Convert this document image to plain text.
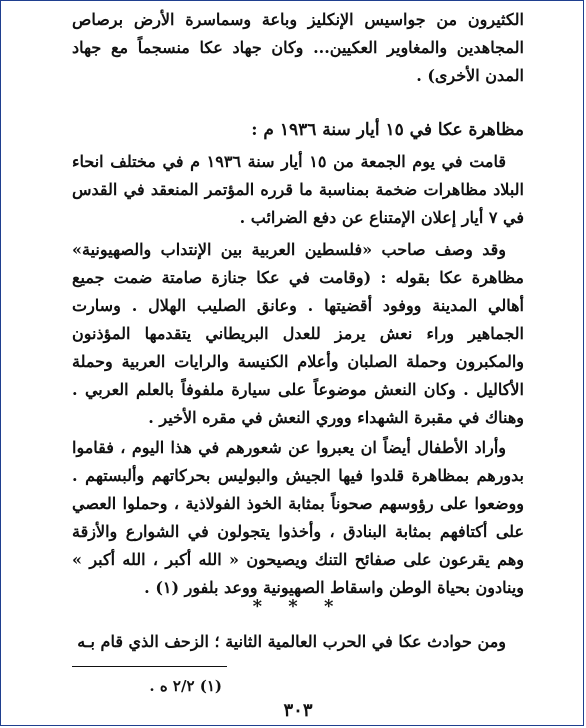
الكثيرون من جواسيس الإنكليز وباعة وسماسرة الأرض برصاص المجاهدين والمغاوير العكيين... وكان جهاد عكا منسجماً مع جهاد المدن الأخرى) .

مظاهرة عكا في ١٥ أيار سنة ١٩٣٦ م :

قامت في يوم الجمعة من ١٥ أيار سنة ١٩٣٦ م في مختلف انحاء البلاد مظاهرات ضخمة بمناسبة ما قرره المؤتمر المنعقد في القدس في ٧ أيار إعلان الإمتناع عن دفع الضرائب .

وقد وصف صاحب «فلسطين العربية بين الإنتداب والصهيونية» مظاهرة عكا بقوله : (وقامت في عكا جنازة صامتة ضمت جميع أهالي المدينة ووفود أقضيتها . وعانق الصليب الهلال . وسارت الجماهير وراء نعش يرمز للعدل البريطاني يتقدمها المؤذنون والمكبرون وحملة الصلبان وأعلام الكنيسة والرايات العربية وحملة الأكاليل . وكان النعش موضوعاً على سيارة ملفوفاً بالعلم العربي . وهناك في مقبرة الشهداء ووري النعش في مقره الأخير .

وأراد الأطفال أيضاً ان يعبروا عن شعورهم في هذا اليوم ، فقاموا بدورهم بمظاهرة قلدوا فيها الجيش والبوليس بحركاتهم وألبستهم . ووضعوا على رؤوسهم صحوناً بمثابة الخوذ الفولاذية ، وحملوا العصي على أكتافهم بمثابة البنادق ، وأخذوا يتجولون في الشوارع والأزقة وهم يقرعون على صفائح التنك ويصيحون « الله أكبر ، الله أكبر » وينادون بحياة الوطن واسقاط الصهيونية ووعد بلفور (١) .

* * *

ومن حوادث عكا في الحرب العالمية الثانية ؛ الزحف الذي قام بـه

(١) ٢/٢ ه .
٣٠٣
